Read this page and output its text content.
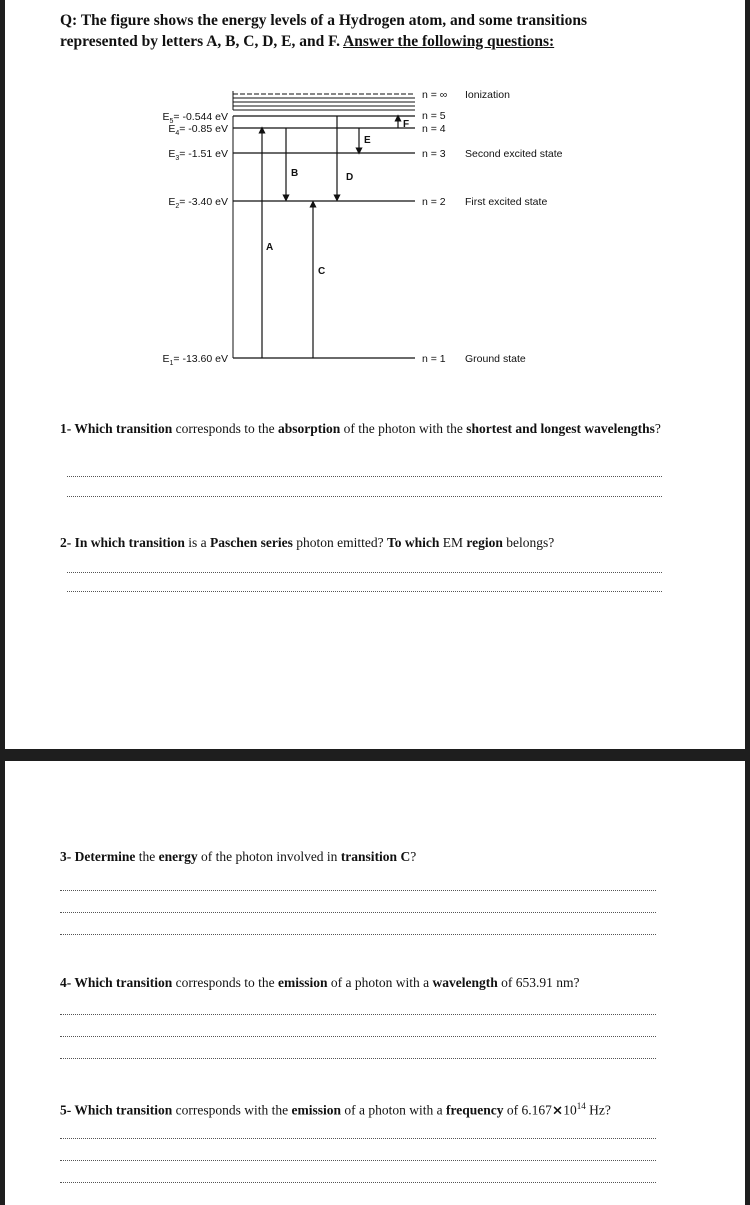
Q: The figure shows the energy levels of a Hydrogen atom, and some transitions
represented by letters A, B, C, D, E, and F. Answer the following questions:
$E_5= -0.544$ eV
$E_4= -0.85$ eV
$E_3= -1.51$ eV
$E_2= -3.40$ eV
$E_1= -13.60$ eV
n = ∞
n = 5
n = 4
n = 3
n = 2
n = 1
Ionization
Second excited state
First excited state
Ground state
A
B
C
D
E
F
1- Which transition corresponds to the absorption of the photon with the shortest and longest wavelengths?
2- In which transition is a Paschen series photon emitted? To which EM region belongs?
3- Determine the energy of the photon involved in transition C?
4- Which transition corresponds to the emission of a photon with a wavelength of 653.91 nm?
5- Which transition corresponds with the emission of a photon with a frequency of $6.167\times 10^{14}$ Hz?
